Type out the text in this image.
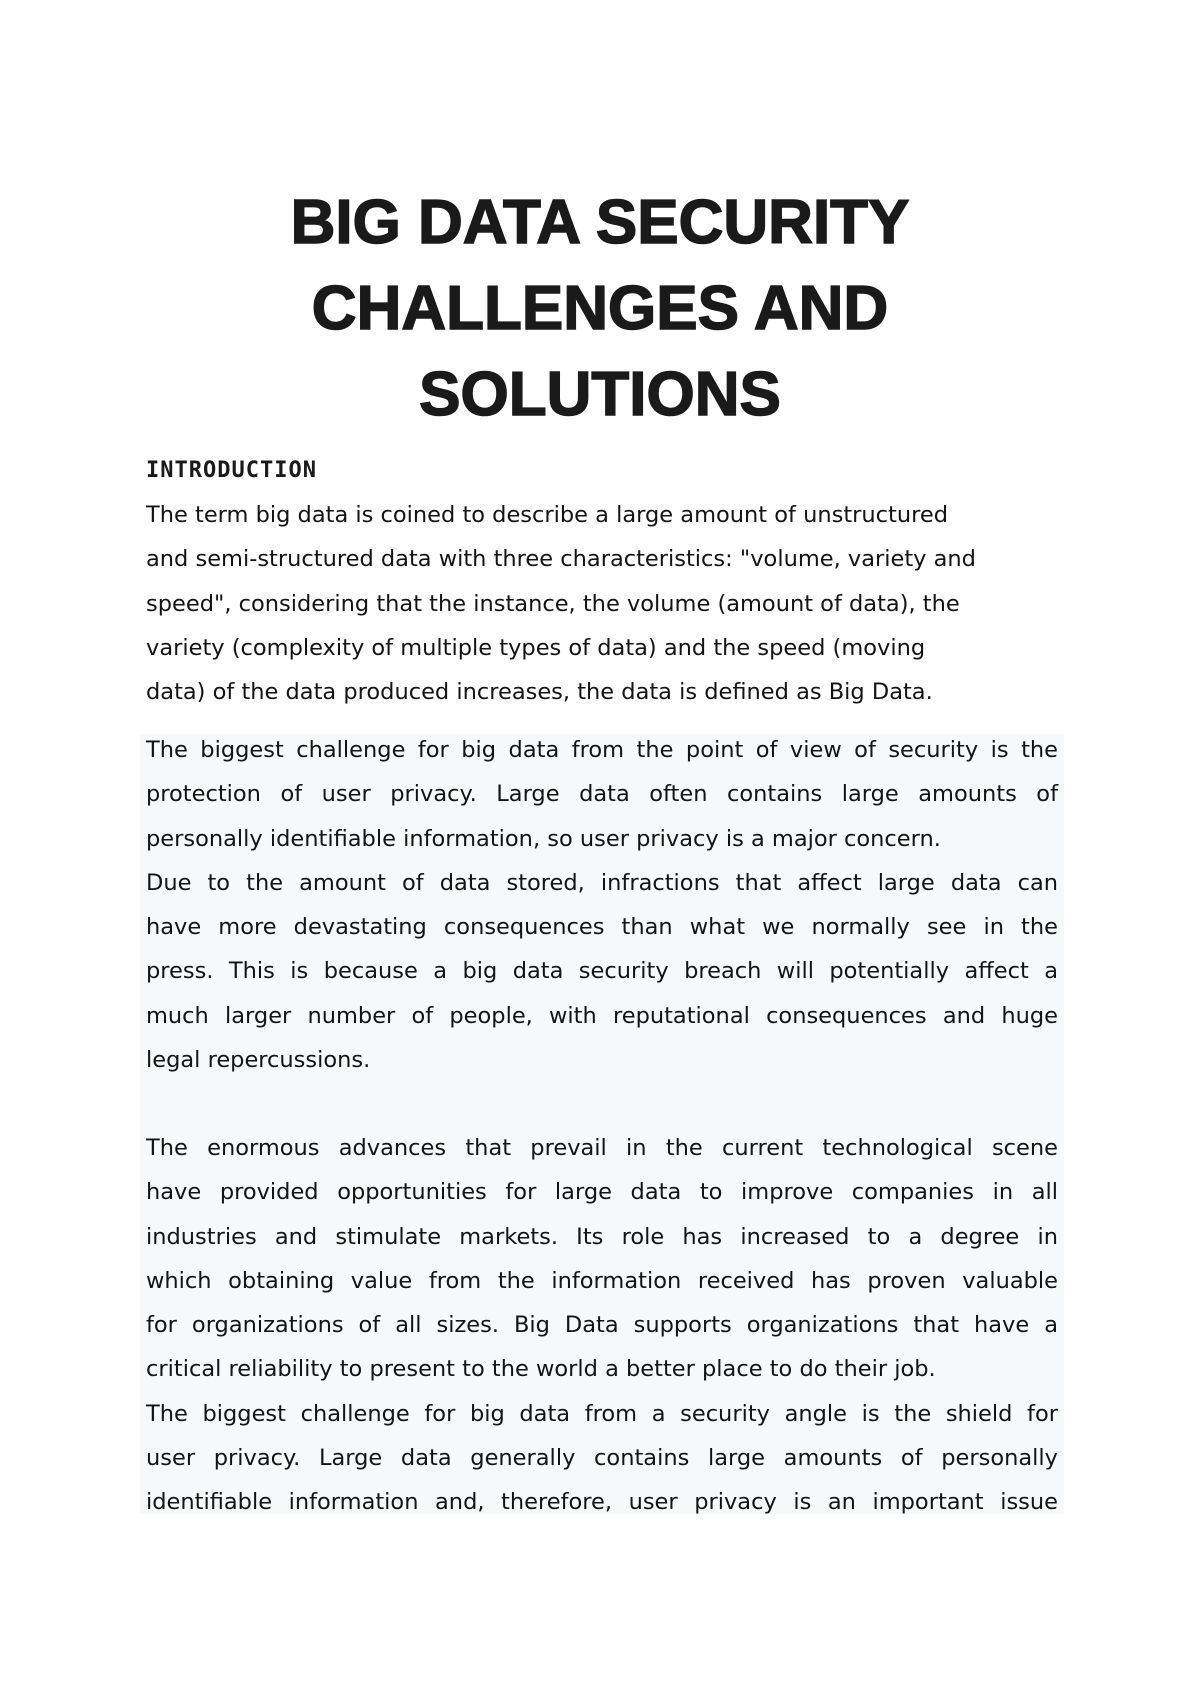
BIG DATA SECURITY
CHALLENGES AND
SOLUTIONS
INTRODUCTION
The term big data is coined to describe a large amount of unstructured
and semi-structured data with three characteristics: "volume, variety and
speed", considering that the instance, the volume (amount of data), the
variety (complexity of multiple types of data) and the speed (moving
data) of the data produced increases, the data is defined as Big Data.
The biggest challenge for big data from the point of view of security is the
protection of user privacy. Large data often contains large amounts of
personally identifiable information, so user privacy is a major concern.
Due to the amount of data stored, infractions that affect large data can
have more devastating consequences than what we normally see in the
press. This is because a big data security breach will potentially affect a
much larger number of people, with reputational consequences and huge
legal repercussions.
The enormous advances that prevail in the current technological scene
have provided opportunities for large data to improve companies in all
industries and stimulate markets. Its role has increased to a degree in
which obtaining value from the information received has proven valuable
for organizations of all sizes. Big Data supports organizations that have a
critical reliability to present to the world a better place to do their job.
The biggest challenge for big data from a security angle is the shield for
user privacy. Large data generally contains large amounts of personally
identifiable information and, therefore, user privacy is an important issue
